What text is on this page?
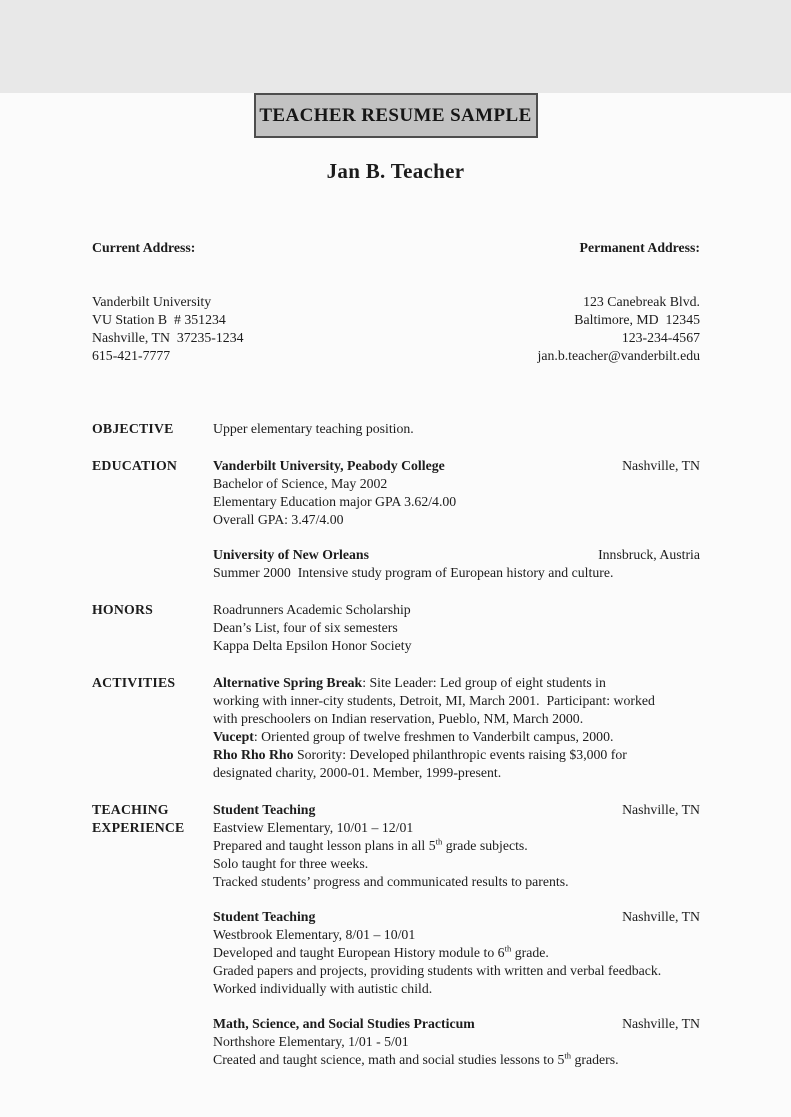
TEACHER RESUME SAMPLE
Jan B. Teacher

Current Address:

Vanderbilt University
VU Station B  # 351234
Nashville, TN  37235-1234
615-421-7777

Permanent Address:

123 Canebreak Blvd.
Baltimore, MD  12345
123-234-4567
jan.b.teacher@vanderbilt.edu

OBJECTIVE	Upper elementary teaching position.
EDUCATION	Vanderbilt University, Peabody College	Nashville, TN
Bachelor of Science, May 2002
Elementary Education major GPA 3.62/4.00
Overall GPA: 3.47/4.00
University of New Orleans	Innsbruck, Austria
Summer 2000  Intensive study program of European history and culture.
HONORS	Roadrunners Academic Scholarship
Dean’s List, four of six semesters
Kappa Delta Epsilon Honor Society
ACTIVITIES	Alternative Spring Break: Site Leader: Led group of eight students in
working with inner-city students, Detroit, MI, March 2001.  Participant: worked
with preschoolers on Indian reservation, Pueblo, NM, March 2000.
Vucept: Oriented group of twelve freshmen to Vanderbilt campus, 2000.
Rho Rho Rho Sorority: Developed philanthropic events raising $3,000 for
designated charity, 2000-01. Member, 1999-present.
TEACHING EXPERIENCE
Student Teaching	Nashville, TN
Eastview Elementary, 10/01 – 12/01
Prepared and taught lesson plans in all 5th grade subjects.
Solo taught for three weeks.
Tracked students’ progress and communicated results to parents.
Student Teaching	Nashville, TN
Westbrook Elementary, 8/01 – 10/01
Developed and taught European History module to 6th grade.
Graded papers and projects, providing students with written and verbal feedback.
Worked individually with autistic child.
Math, Science, and Social Studies Practicum	Nashville, TN
Northshore Elementary, 1/01 - 5/01
Created and taught science, math and social studies lessons to 5th graders.
